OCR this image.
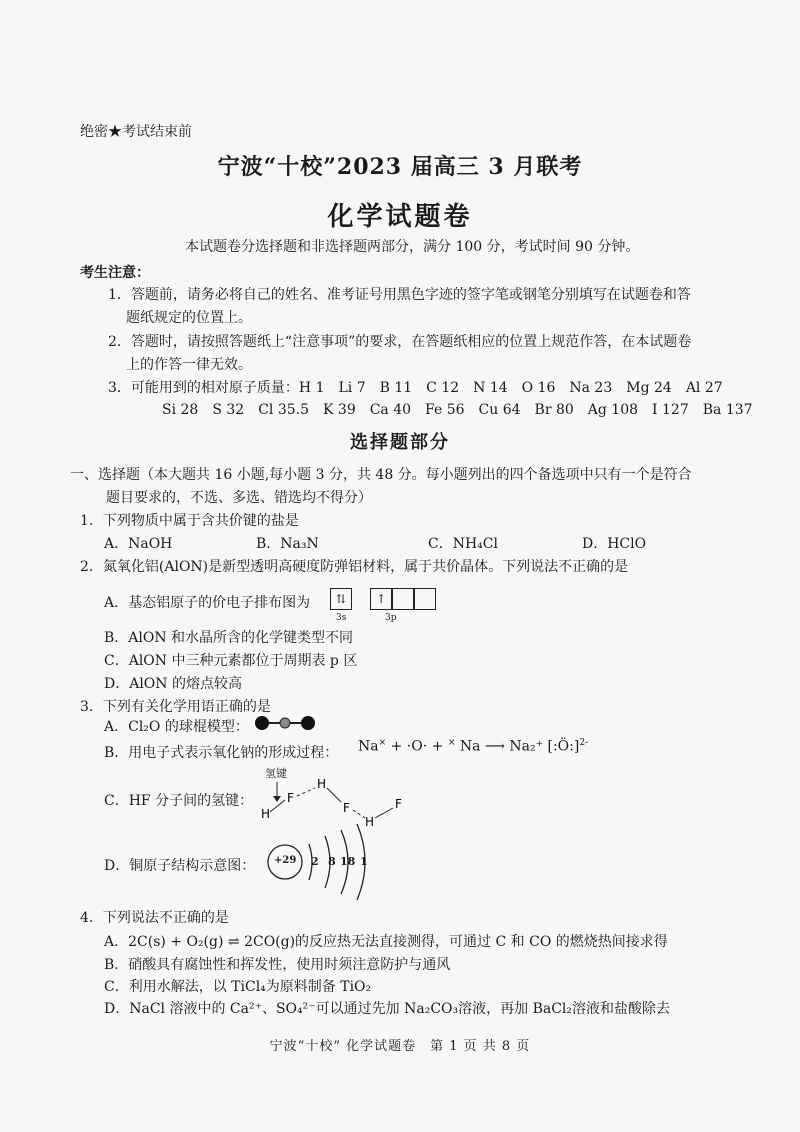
绝密★考试结束前
宁波“十校”2023 届高三 3 月联考
化学试题卷
本试题卷分选择题和非选择题两部分，满分 100 分，考试时间 90 分钟。
考生注意：
1．答题前，请务必将自己的姓名、准考证号用黑色字迹的签字笔或钢笔分别填写在试题卷和答
题纸规定的位置上。
2．答题时，请按照答题纸上“注意事项”的要求，在答题纸相应的位置上规范作答，在本试题卷
上的作答一律无效。
3．可能用到的相对原子质量：H 1　Li 7　B 11　C 12　N 14　O 16　Na 23　Mg 24　Al 27
Si 28　S 32　Cl 35.5　K 39　Ca 40　Fe 56　Cu 64　Br 80　Ag 108　I 127　Ba 137
选择题部分
一、选择题（本大题共 16 小题,每小题 3 分，共 48 分。每小题列出的四个备选项中只有一个是符合
题目要求的，不选、多选、错选均不得分）
1．下列物质中属于含共价键的盐是
A．NaOH	B．Na₃N	C．NH₄Cl	D．HClO
2．氮氧化铝(AlON)是新型透明高硬度防弹铝材料，属于共价晶体。下列说法不正确的是
A．基态铝原子的价电子排布图为	⇅	↑
3s	3p
B．AlON 和水晶所含的化学键类型不同
C．AlON 中三种元素都位于周期表 p 区
D．AlON 的熔点较高
3．下列有关化学用语正确的是
A．Cl₂O 的球棍模型：
B．用电子式表示氧化钠的形成过程： Na× + ·O· + × Na ⟶ Na₂⁺ [:Ö:]$^{2-}$
C．HF 分子间的氢键：
氢键
H
F
H
F
H
F
D．铜原子结构示意图： +29 2 8 18 1
4．下列说法不正确的是
A．2C(s) + O₂(g) ⇌ 2CO(g)的反应热无法直接测得，可通过 C 和 CO 的燃烧热间接求得
B．硝酸具有腐蚀性和挥发性，使用时须注意防护与通风
C．利用水解法，以 TiCl₄为原料制备 TiO₂
D．NaCl 溶液中的 Ca²⁺、SO₄²⁻可以通过先加 Na₂CO₃溶液，再加 BaCl₂溶液和盐酸除去
宁波“十校” 化学试题卷　第 1 页 共 8 页
